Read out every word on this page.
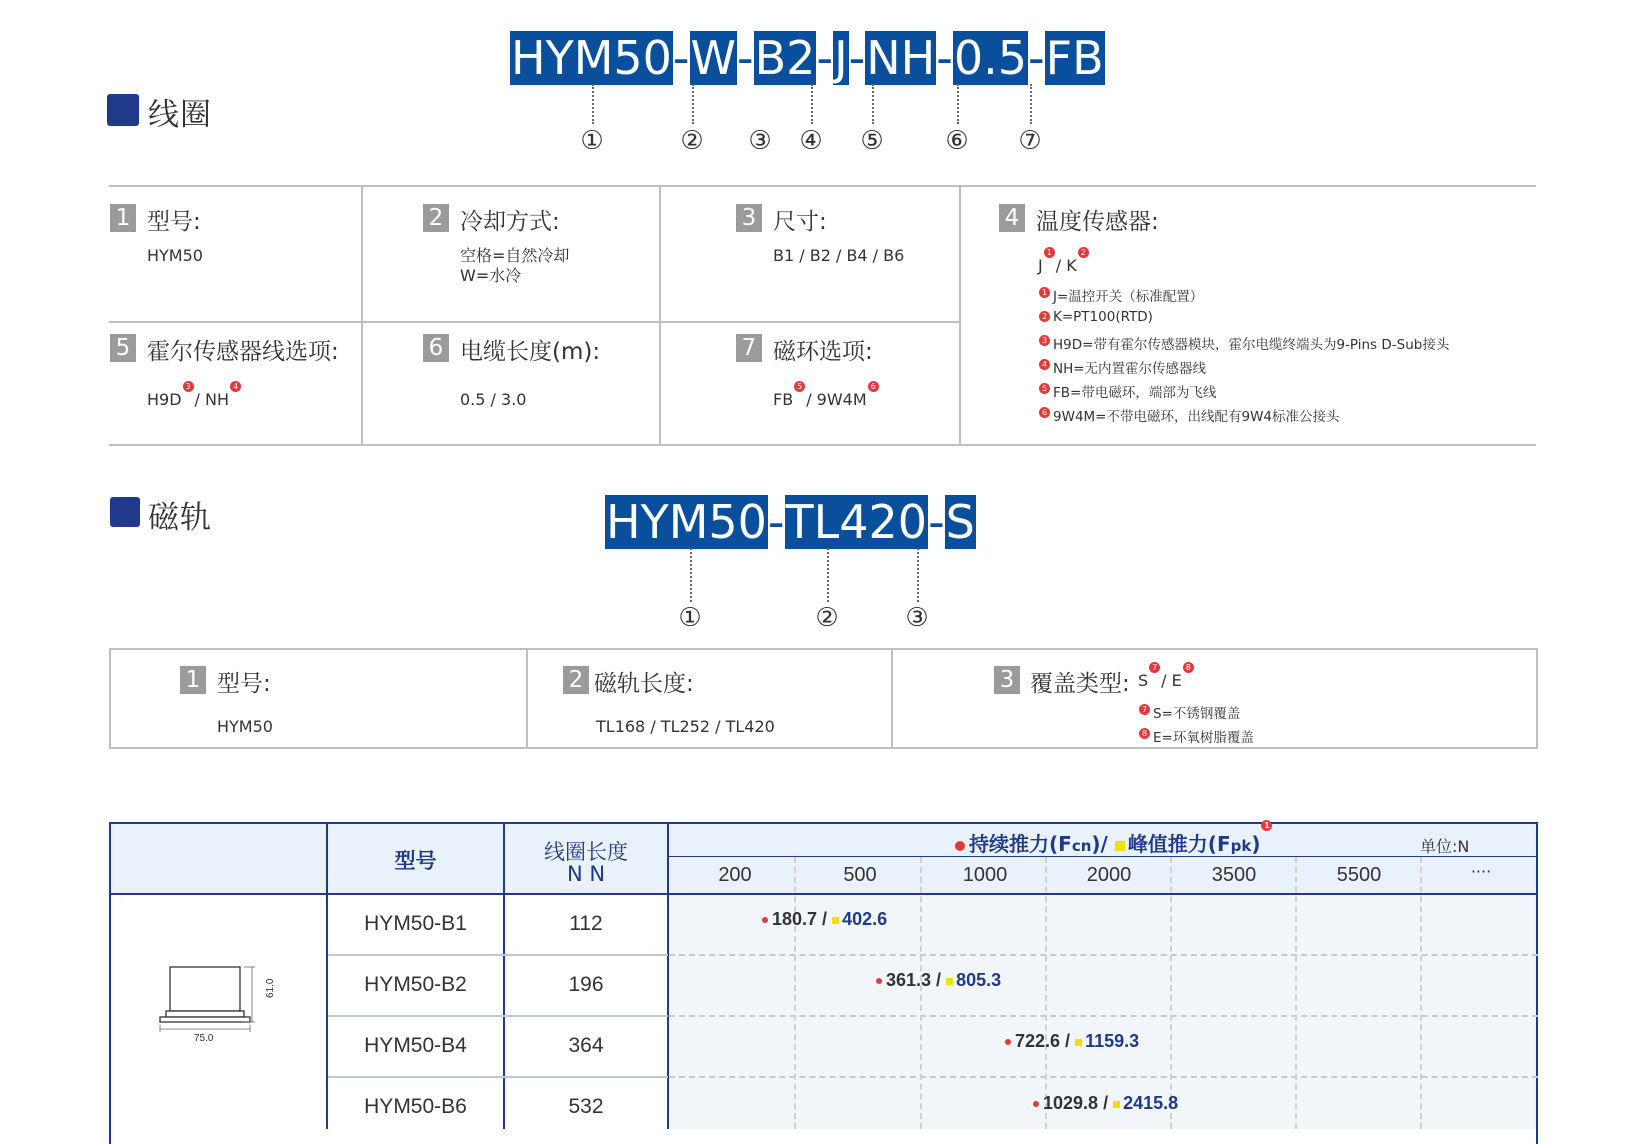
线圈
HYM50-W-B2-J-NH-0.5-FB
①	② ③ ④ ⑤ ⑥ ⑦
1 型号:
HYM50
2 冷却方式:
空格=自然冷却
W=水冷
3 尺寸:
B1 / B2 / B4 / B6
4 温度传感器:
J1/ K2
1 J=温控开关（标准配置）
2 K=PT100(RTD)
3 H9D=带有霍尔传感器模块，霍尔电缆终端头为9-Pins D-Sub接头
4 NH=无内置霍尔传感器线
5 FB=带电磁环，端部为飞线
6 9W4M=不带电磁环，出线配有9W4标准公接头
5 霍尔传感器线选项:
H9D3/ NH4
6 电缆长度(m):
0.5 / 3.0
7 磁环选项:
FB5/ 9W4M6
磁轨	HYM50-TL420-S
①	②	③
1 型号:
HYM50
2 磁轨长度:
TL168 / TL252 / TL420
3 覆盖类型: S7/ E8
7 S=不锈钢覆盖
8 E=环氧树脂覆盖
型号	线圈长度
N N
持续推力(Fcn)/ 峰值推力(Fpk)1
单位:N
200	500	1000	2000	3500	5500	····
61.0
75.0
HYM50-B1	112	180.7 / 402.6
HYM50-B2	196	361.3 / 805.3
HYM50-B4	364	722.6 / 1159.3
HYM50-B6	532	1029.8 / 2415.8
